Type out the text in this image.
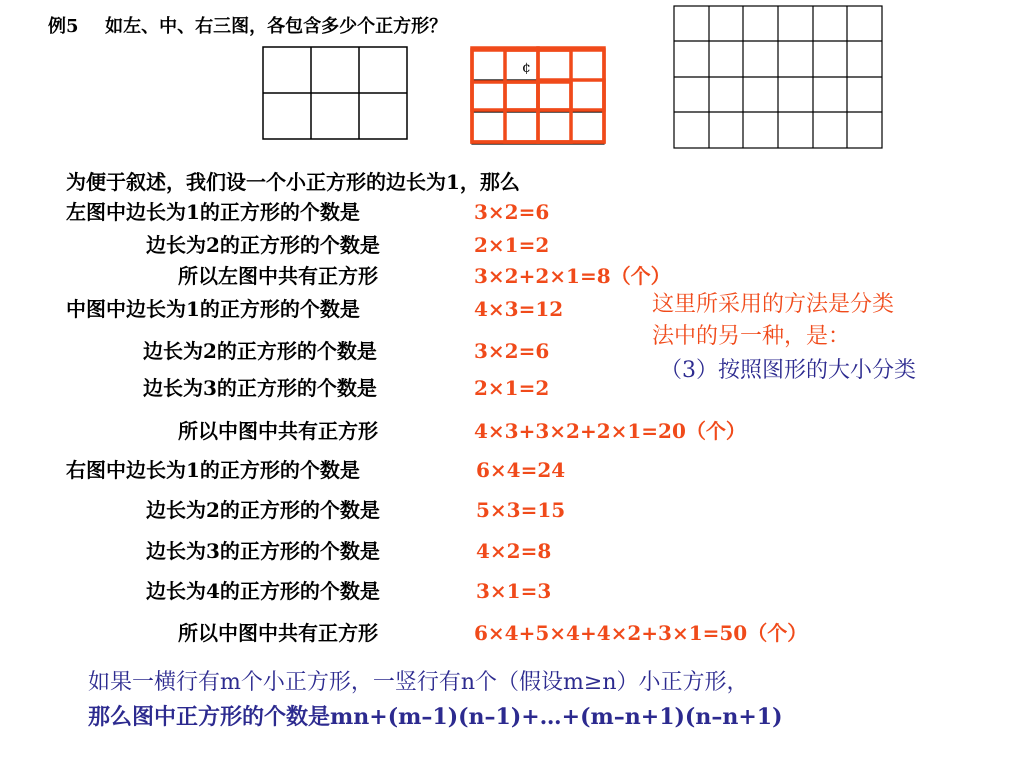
例5 如左、中、右三图，各包含多少个正方形？
¢
为便于叙述，我们设一个小正方形的边长为1，那么
左图中边长为1的正方形的个数是
边长为2的正方形的个数是
所以左图中共有正方形
中图中边长为1的正方形的个数是
边长为2的正方形的个数是
边长为3的正方形的个数是
所以中图中共有正方形
右图中边长为1的正方形的个数是
边长为2的正方形的个数是
边长为3的正方形的个数是
边长为4的正方形的个数是
所以中图中共有正方形
3×2=6
2×1=2
3×2+2×1=8（个）
4×3=12
3×2=6
2×1=2
4×3+3×2+2×1=20（个）
6×4=24
5×3=15
4×2=8
3×1=3
6×4+5×4+4×2+3×1=50（个）
这里所采用的方法是分类
法中的另一种，是：
（3）按照图形的大小分类
如果一横行有m个小正方形，一竖行有n个（假设m≥n）小正方形，
那么图中正方形的个数是mn+(m–1)(n–1)+…+(m–n+1)(n–n+1)
